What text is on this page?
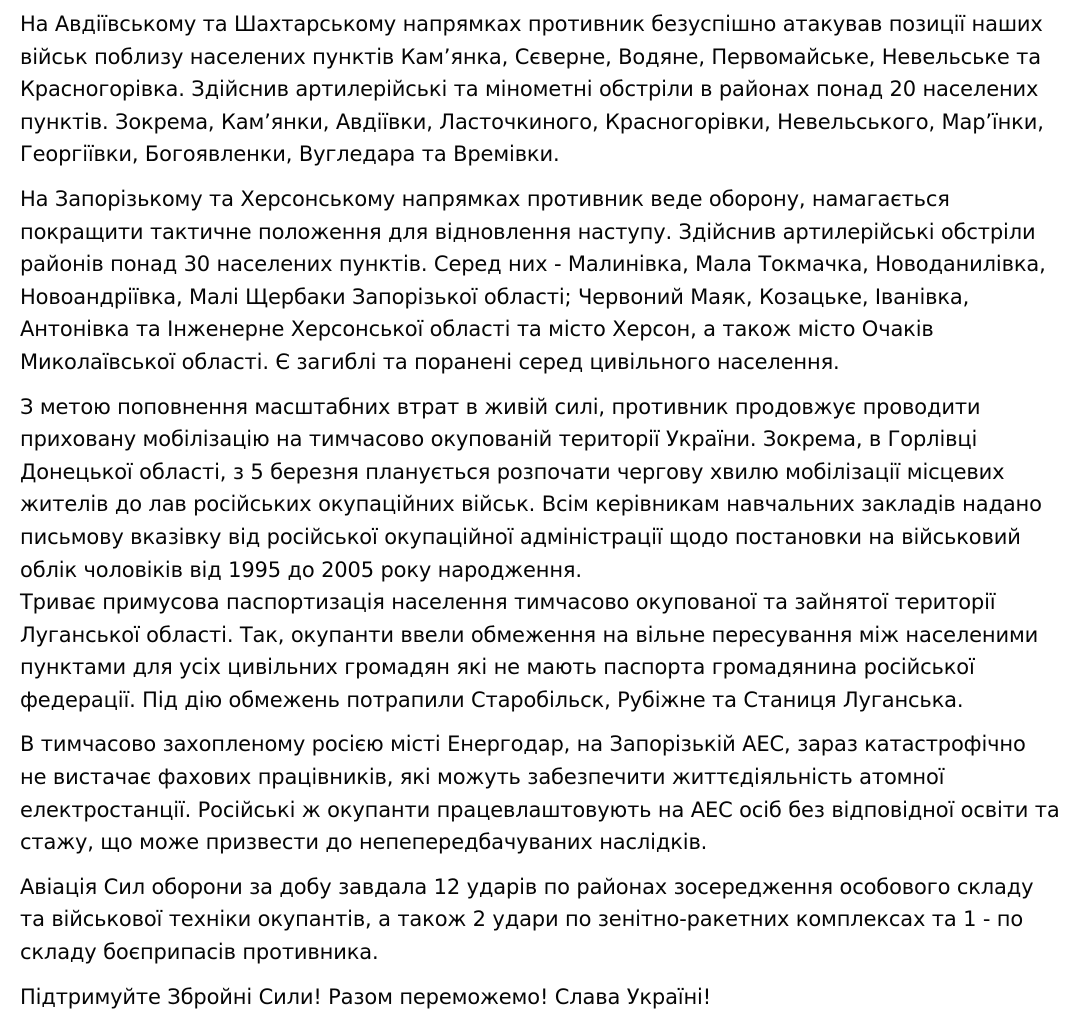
На Авдіївському та Шахтарському напрямках противник безуспішно атакував позиції наших
військ поблизу населених пунктів Кам’янка, Сєверне, Водяне, Первомайське, Невельське та
Красногорівка. Здійснив артилерійські та мінометні обстріли в районах понад 20 населених
пунктів. Зокрема, Кам’янки, Авдіївки, Ласточкиного, Красногорівки, Невельського, Мар’їнки,
Георгіївки, Богоявленки, Вугледара та Времівки.
На Запорізькому та Херсонському напрямках противник веде оборону, намагається
покращити тактичне положення для відновлення наступу. Здійснив артилерійські обстріли
районів понад 30 населених пунктів. Серед них - Малинівка, Мала Токмачка, Новоданилівка,
Новоандріївка, Малі Щербаки Запорізької області; Червоний Маяк, Козацьке, Іванівка,
Антонівка та Інженерне Херсонської області та місто Херсон, а також місто Очаків
Миколаївської області. Є загиблі та поранені серед цивільного населення.
З метою поповнення масштабних втрат в живій силі, противник продовжує проводити
приховану мобілізацію на тимчасово окупованій території України. Зокрема, в Горлівці
Донецької області, з 5 березня планується розпочати чергову хвилю мобілізації місцевих
жителів до лав російських окупаційних військ. Всім керівникам навчальних закладів надано
письмову вказівку від російської окупаційної адміністрації щодо постановки на військовий
облік чоловіків від 1995 до 2005 року народження.
Триває примусова паспортизація населення тимчасово окупованої та зайнятої території
Луганської області. Так, окупанти ввели обмеження на вільне пересування між населеними
пунктами для усіх цивільних громадян які не мають паспорта громадянина російської
федерації. Під дію обмежень потрапили Старобільск, Рубіжне та Станиця Луганська.
В тимчасово захопленому росією місті Енергодар, на Запорізькій АЕС, зараз катастрофічно
не вистачає фахових працівників, які можуть забезпечити життєдіяльність атомної
електростанції. Російські ж окупанти працевлаштовують на АЕС осіб без відповідної освіти та
стажу, що може призвести до непепередбачуваних наслідків.
Авіація Сил оборони за добу завдала 12 ударів по районах зосередження особового складу
та військової техніки окупантів, а також 2 удари по зенітно-ракетних комплексах та 1 - по
складу боєприпасів противника.
Підтримуйте Збройні Сили! Разом переможемо! Слава Україні!
